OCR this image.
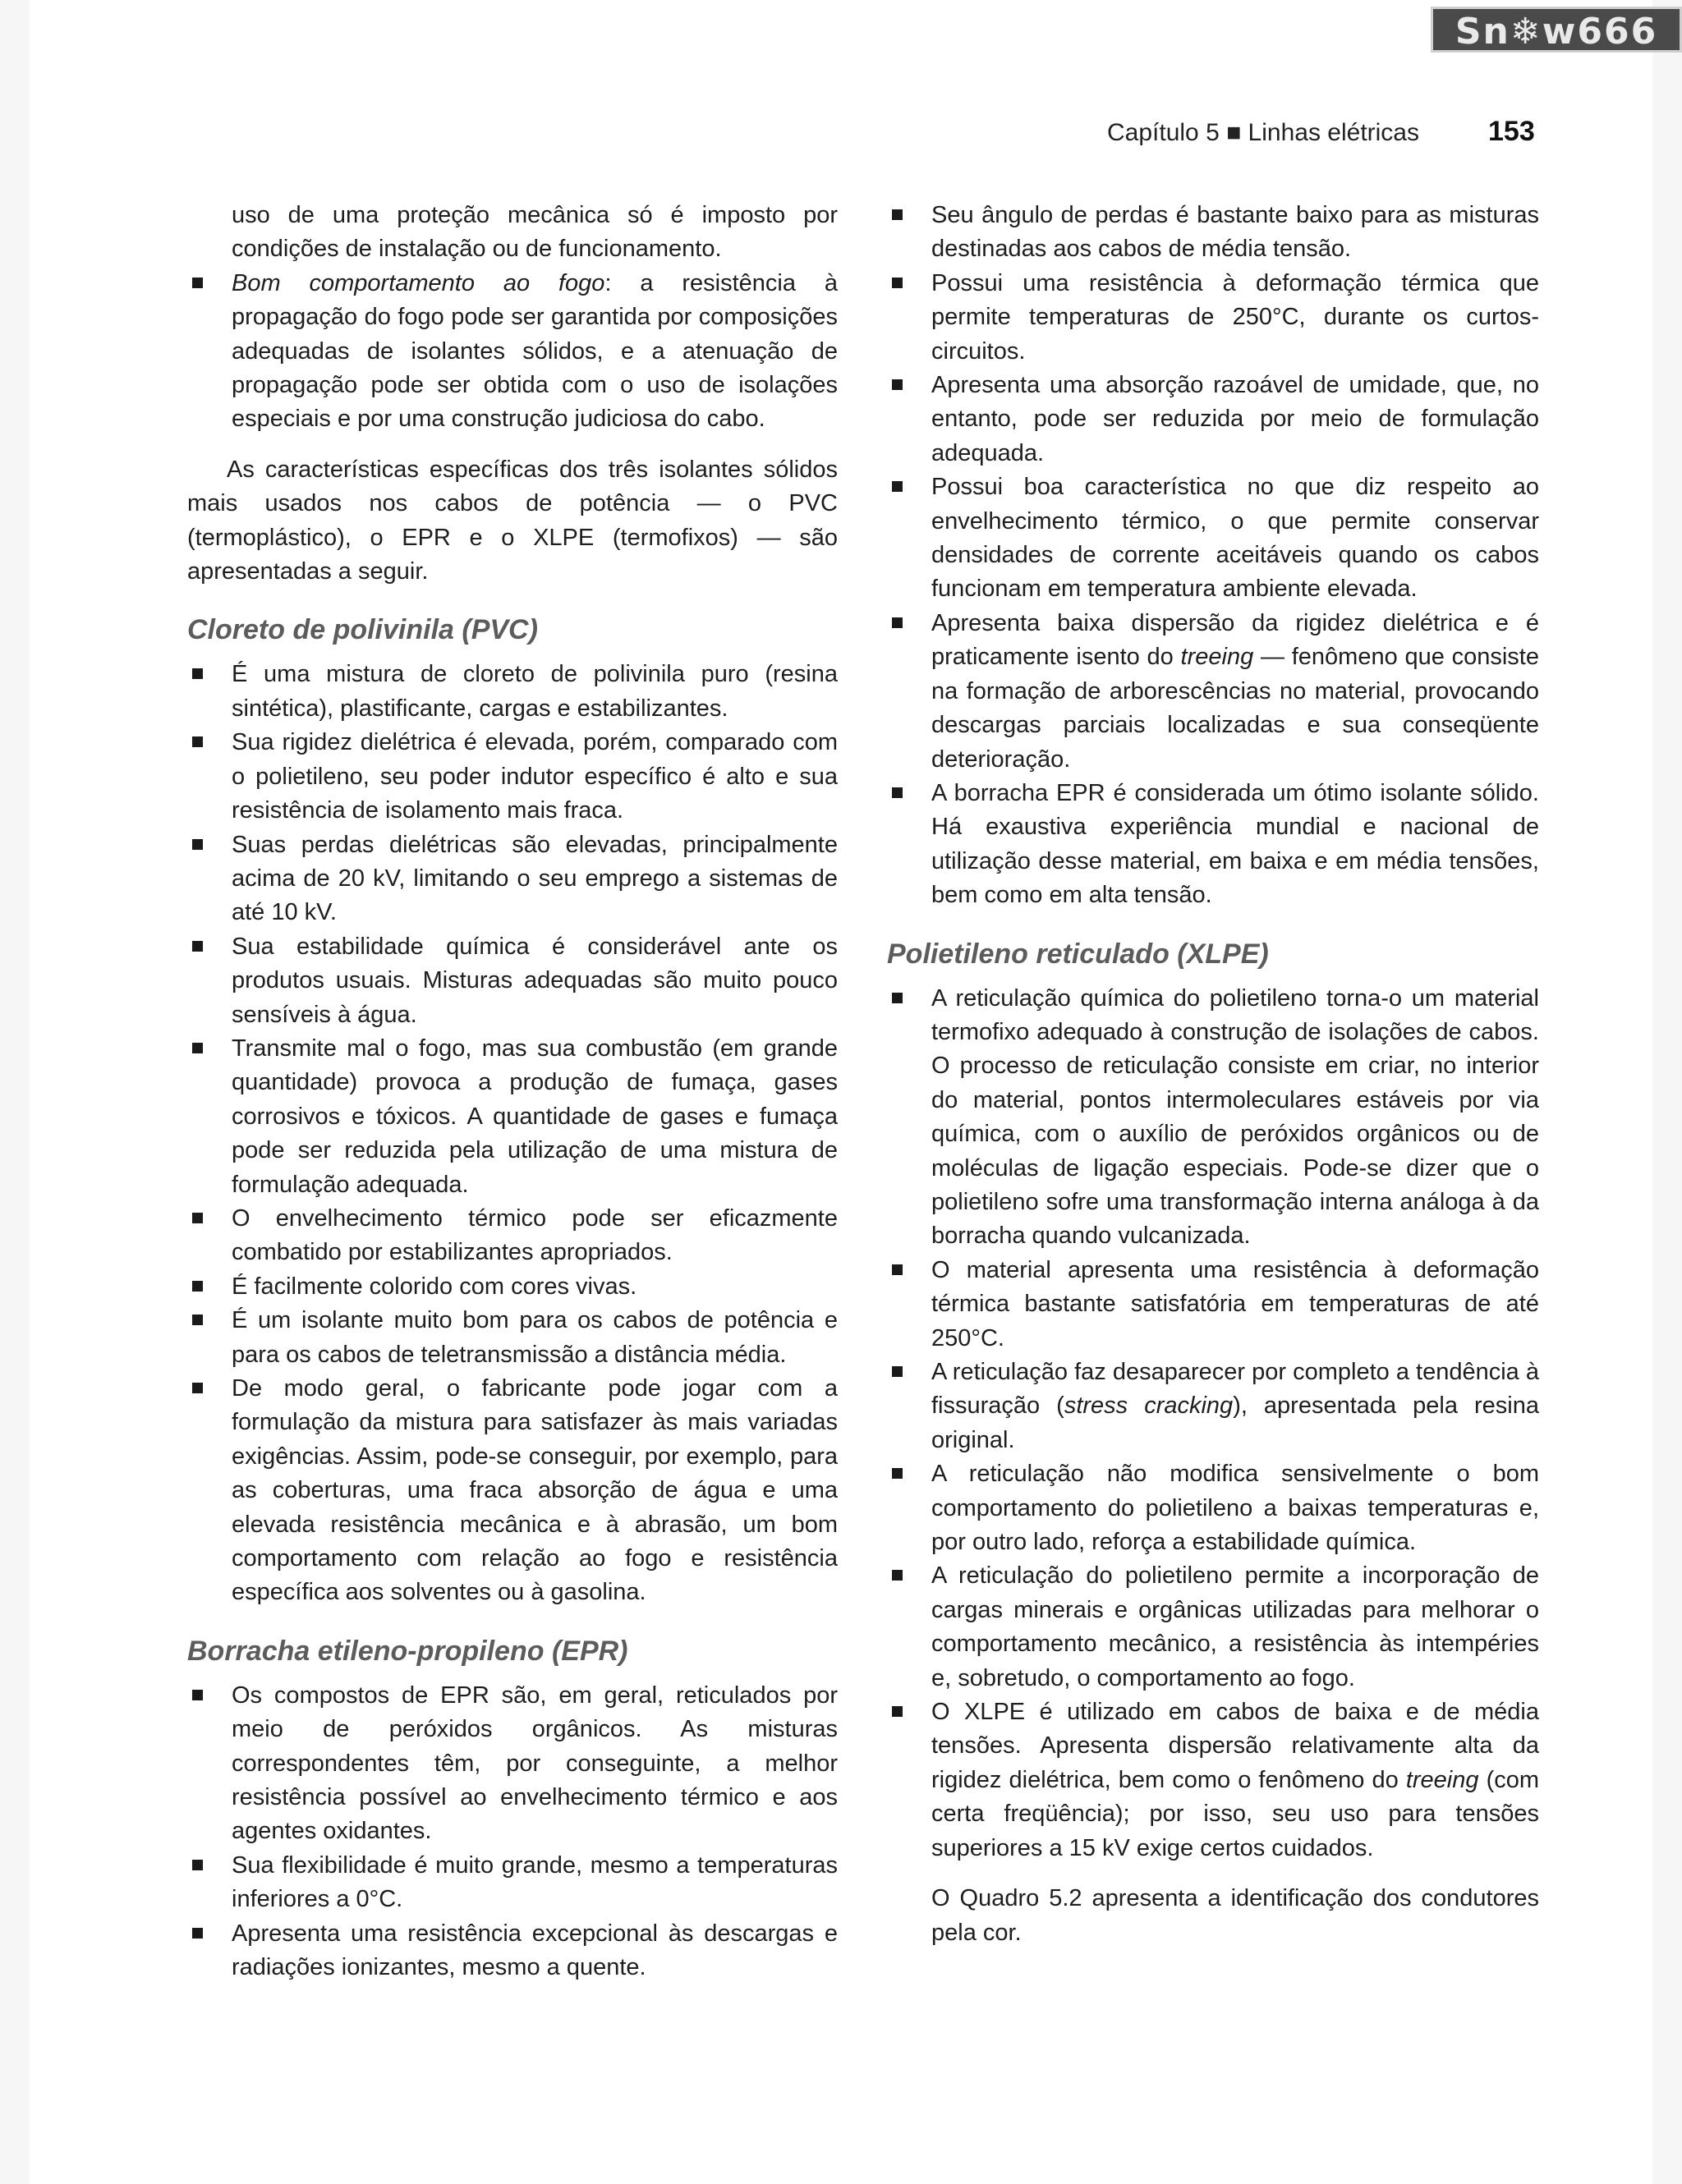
Sn❄w666
Capítulo 5 ■ Linhas elétricas 153

uso de uma proteção mecânica só é imposto por condições de instalação ou de funcionamento.

Bom comportamento ao fogo: a resistência à propagação do fogo pode ser garantida por composições adequadas de isolantes sólidos, e a atenuação de propagação pode ser obtida com o uso de isolações especiais e por uma construção judiciosa do cabo.

As características específicas dos três isolantes sólidos mais usados nos cabos de potência — o PVC (termoplástico), o EPR e o XLPE (termofixos) — são apresentadas a seguir.

Cloreto de polivinila (PVC)
É uma mistura de cloreto de polivinila puro (resina sintética), plastificante, cargas e estabilizantes.
Sua rigidez dielétrica é elevada, porém, comparado com o polietileno, seu poder indutor específico é alto e sua resistência de isolamento mais fraca.
Suas perdas dielétricas são elevadas, principalmente acima de 20 kV, limitando o seu emprego a sistemas de até 10 kV.
Sua estabilidade química é considerável ante os produtos usuais. Misturas adequadas são muito pouco sensíveis à água.
Transmite mal o fogo, mas sua combustão (em grande quantidade) provoca a produção de fumaça, gases corrosivos e tóxicos. A quantidade de gases e fumaça pode ser reduzida pela utilização de uma mistura de formulação adequada.
O envelhecimento térmico pode ser eficazmente combatido por estabilizantes apropriados.
É facilmente colorido com cores vivas.
É um isolante muito bom para os cabos de potência e para os cabos de teletransmissão a distância média.
De modo geral, o fabricante pode jogar com a formulação da mistura para satisfazer às mais variadas exigências. Assim, pode-se conseguir, por exemplo, para as coberturas, uma fraca absorção de água e uma elevada resistência mecânica e à abrasão, um bom comportamento com relação ao fogo e resistência específica aos solventes ou à gasolina.
Borracha etileno-propileno (EPR)
Os compostos de EPR são, em geral, reticulados por meio de peróxidos orgânicos. As misturas correspondentes têm, por conseguinte, a melhor resistência possível ao envelhecimento térmico e aos agentes oxidantes.
Sua flexibilidade é muito grande, mesmo a temperaturas inferiores a 0°C.
Apresenta uma resistência excepcional às descargas e radiações ionizantes, mesmo a quente.
Seu ângulo de perdas é bastante baixo para as misturas destinadas aos cabos de média tensão.
Possui uma resistência à deformação térmica que permite temperaturas de 250°C, durante os curtos-circuitos.
Apresenta uma absorção razoável de umidade, que, no entanto, pode ser reduzida por meio de formulação adequada.
Possui boa característica no que diz respeito ao envelhecimento térmico, o que permite conservar densidades de corrente aceitáveis quando os cabos funcionam em temperatura ambiente elevada.
Apresenta baixa dispersão da rigidez dielétrica e é praticamente isento do treeing — fenômeno que consiste na formação de arborescências no material, provocando descargas parciais localizadas e sua conseqüente deterioração.
A borracha EPR é considerada um ótimo isolante sólido. Há exaustiva experiência mundial e nacional de utilização desse material, em baixa e em média tensões, bem como em alta tensão.
Polietileno reticulado (XLPE)
A reticulação química do polietileno torna-o um material termofixo adequado à construção de isolações de cabos. O processo de reticulação consiste em criar, no interior do material, pontos intermoleculares estáveis por via química, com o auxílio de peróxidos orgânicos ou de moléculas de ligação especiais. Pode-se dizer que o polietileno sofre uma transformação interna análoga à da borracha quando vulcanizada.
O material apresenta uma resistência à deformação térmica bastante satisfatória em temperaturas de até 250°C.
A reticulação faz desaparecer por completo a tendência à fissuração (stress cracking), apresentada pela resina original.
A reticulação não modifica sensivelmente o bom comportamento do polietileno a baixas temperaturas e, por outro lado, reforça a estabilidade química.
A reticulação do polietileno permite a incorporação de cargas minerais e orgânicas utilizadas para melhorar o comportamento mecânico, a resistência às intempéries e, sobretudo, o comportamento ao fogo.
O XLPE é utilizado em cabos de baixa e de média tensões. Apresenta dispersão relativamente alta da rigidez dielétrica, bem como o fenômeno do treeing (com certa freqüência); por isso, seu uso para tensões superiores a 15 kV exige certos cuidados.

O Quadro 5.2 apresenta a identificação dos condutores pela cor.
